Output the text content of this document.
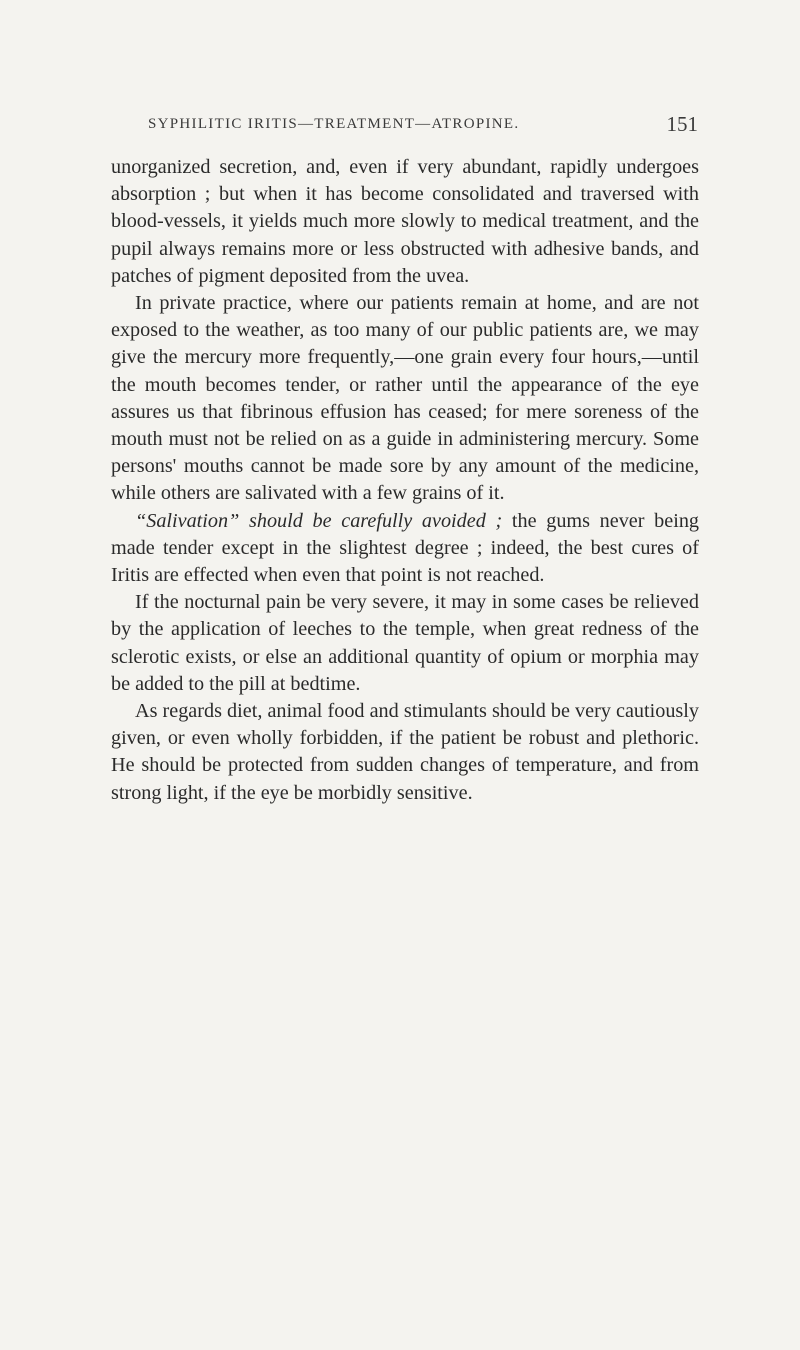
SYPHILITIC IRITIS—TREATMENT—ATROPINE.	151

unorganized secretion, and, even if very abundant, rapidly undergoes absorption ; but when it has become consolidated and traversed with blood-vessels, it yields much more slowly to medical treatment, and the pupil always remains more or less obstructed with adhesive bands, and patches of pigment deposited from the uvea.

In private practice, where our patients remain at home, and are not exposed to the weather, as too many of our public patients are, we may give the mercury more frequently,—one grain every four hours,—until the mouth becomes tender, or rather until the appearance of the eye assures us that fibrinous effusion has ceased; for mere soreness of the mouth must not be relied on as a guide in administering mercury. Some persons' mouths cannot be made sore by any amount of the medicine, while others are salivated with a few grains of it.

“Salivation” should be carefully avoided ; the gums never being made tender except in the slightest degree ; indeed, the best cures of Iritis are effected when even that point is not reached.

If the nocturnal pain be very severe, it may in some cases be relieved by the application of leeches to the temple, when great redness of the sclerotic exists, or else an additional quantity of opium or morphia may be added to the pill at bedtime.

As regards diet, animal food and stimulants should be very cautiously given, or even wholly forbidden, if the patient be robust and plethoric. He should be protected from sudden changes of temperature, and from strong light, if the eye be morbidly sensitive.
